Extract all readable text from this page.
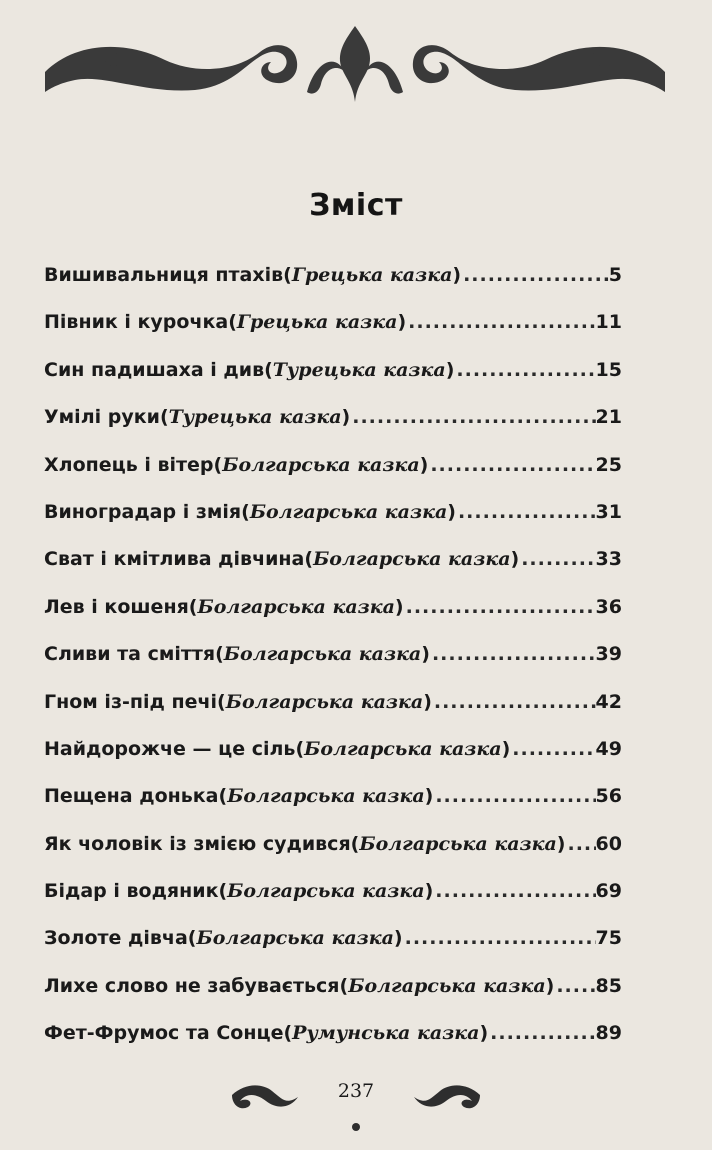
Зміст
Вишивальниця птахів ( Грецька казка ) .....	5
Півник і курочка ( Грецька казка ) .....	11
Син падишаха і див ( Турецька казка ) .....	15
Умілі руки ( Турецька казка ) .....	21
Хлопець і вітер ( Болгарська казка ) .....	25
Виноградар і змія ( Болгарська казка ) .....	31
Сват і кмітлива дівчина ( Болгарська казка ) .....	33
Лев і кошеня ( Болгарська казка ) .....	36
Сливи та сміття ( Болгарська казка ) .....	39
Гном із-під печі ( Болгарська казка ) .....	42
Найдорожче — це сіль ( Болгарська казка ) .....	49
Пещена донька ( Болгарська казка ) .....	56
Як чоловік із змією судився ( Болгарська казка ) ..... 60
Бідар і водяник ( Болгарська казка ) .....	69
Золоте дівча ( Болгарська казка ) .....	75
Лихе слово не забувається ( Болгарська казка ) ..... 85
Фет-Фрумос та Сонце ( Румунська казка ) .....	89
237
